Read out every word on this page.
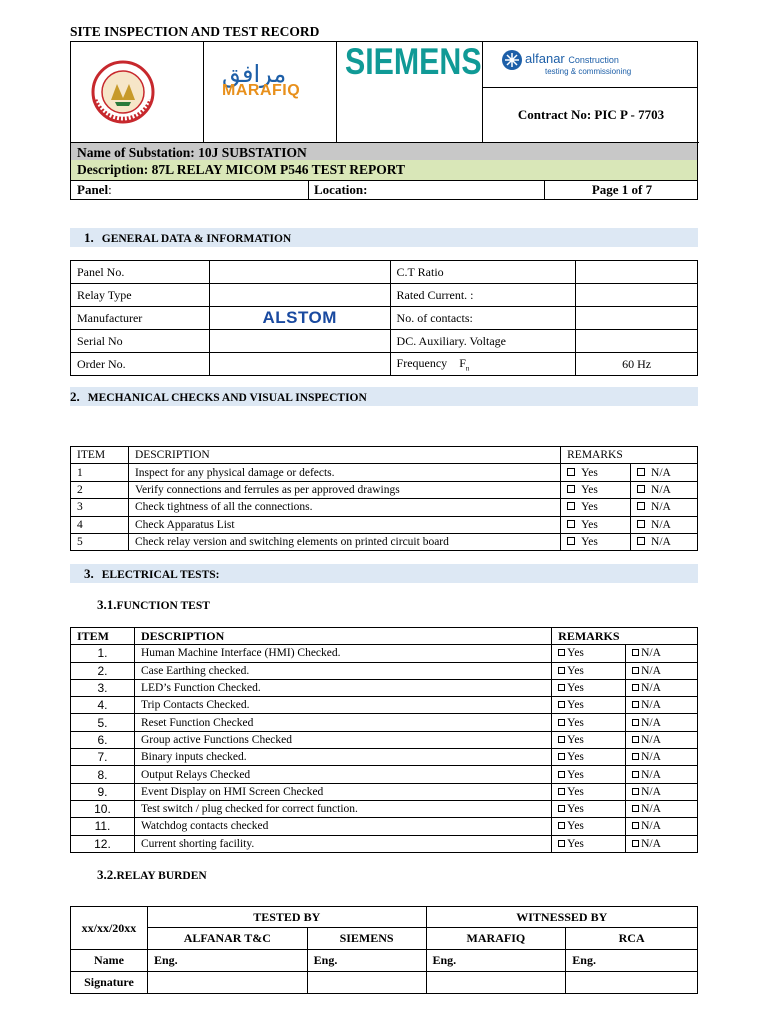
SITE INSPECTION AND TEST RECORD
مرافق
MARAFIQ
SIEMENS	alfanar Construction
testing & commissioning
Contract No: PIC P - 7703
Name of Substation: 10J SUBSTATION
Description: 87L RELAY MICOM P546 TEST REPORT
Panel:	Location:	Page 1 of 7
1. GENERAL DATA & INFORMATION
Panel No.		C.T Ratio	
Relay Type		Rated Current. :	
Manufacturer	ALSTOM	No. of contacts:	
Serial No		DC. Auxiliary. Voltage	
Order No.		Frequency $F_n$	60 Hz
2. MECHANICAL CHECKS AND VISUAL INSPECTION
ITEM	DESCRIPTION	REMARKS	
1	Inspect for any physical damage or defects.	Yes	N/A
2	Verify connections and ferrules as per approved drawings	Yes	N/A
3	Check tightness of all the connections.	Yes	N/A
4	Check Apparatus List	Yes	N/A
5	Check relay version and switching elements on printed circuit board	Yes	N/A
3. ELECTRICAL TESTS:
3.1.FUNCTION TEST
ITEM	DESCRIPTION	REMARKS	
1.	Human Machine Interface (HMI) Checked.	Yes	N/A
2.	Case Earthing checked.	Yes	N/A
3.	LED’s Function Checked.	Yes	N/A
4.	Trip Contacts Checked.	Yes	N/A
5.	Reset Function Checked	Yes	N/A
6.	Group active Functions Checked	Yes	N/A
7.	Binary inputs checked.	Yes	N/A
8.	Output Relays Checked	Yes	N/A
9.	Event Display on HMI Screen Checked	Yes	N/A
10.	Test switch / plug checked for correct function.	Yes	N/A
11.	Watchdog contacts checked	Yes	N/A
12.	Current shorting facility.	Yes	N/A
3.2.RELAY BURDEN
xx/xx/20xx	TESTED BY		WITNESSED BY	
	ALFANAR T&C	SIEMENS	MARAFIQ	RCA
Name	Eng.	Eng.	Eng.	Eng.
Signature				
